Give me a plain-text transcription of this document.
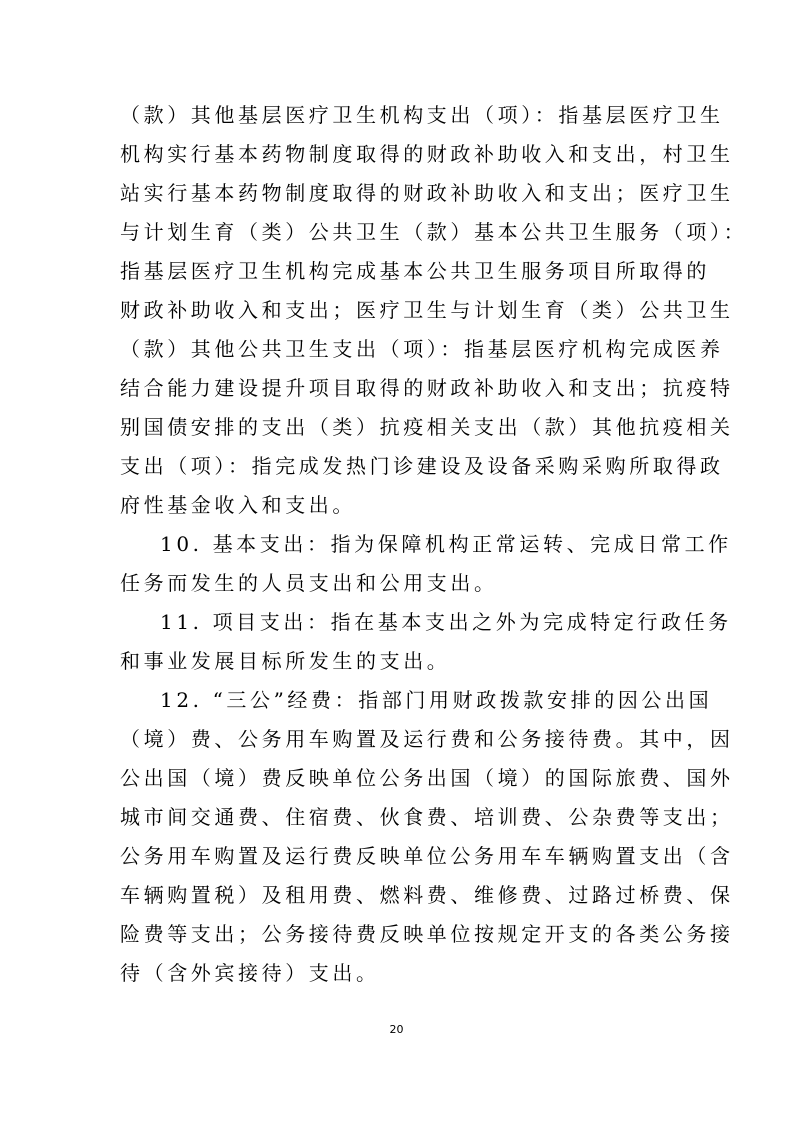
（款）其他基层医疗卫生机构支出（项）：指基层医疗卫生
机构实行基本药物制度取得的财政补助收入和支出，村卫生
站实行基本药物制度取得的财政补助收入和支出；医疗卫生
与计划生育（类）公共卫生（款）基本公共卫生服务（项）：
指基层医疗卫生机构完成基本公共卫生服务项目所取得的
财政补助收入和支出；医疗卫生与计划生育（类）公共卫生
（款）其他公共卫生支出（项）：指基层医疗机构完成医养
结合能力建设提升项目取得的财政补助收入和支出；抗疫特
别国债安排的支出（类）抗疫相关支出（款）其他抗疫相关
支出（项）：指完成发热门诊建设及设备采购采购所取得政
府性基金收入和支出。
10. 基本支出：指为保障机构正常运转、完成日常工作
任务而发生的人员支出和公用支出。
11. 项目支出：指在基本支出之外为完成特定行政任务
和事业发展目标所发生的支出。
12. “三公”经费：指部门用财政拨款安排的因公出国
（境）费、公务用车购置及运行费和公务接待费。其中，因
公出国（境）费反映单位公务出国（境）的国际旅费、国外
城市间交通费、住宿费、伙食费、培训费、公杂费等支出；
公务用车购置及运行费反映单位公务用车车辆购置支出（含
车辆购置税）及租用费、燃料费、维修费、过路过桥费、保
险费等支出；公务接待费反映单位按规定开支的各类公务接
待（含外宾接待）支出。
20
